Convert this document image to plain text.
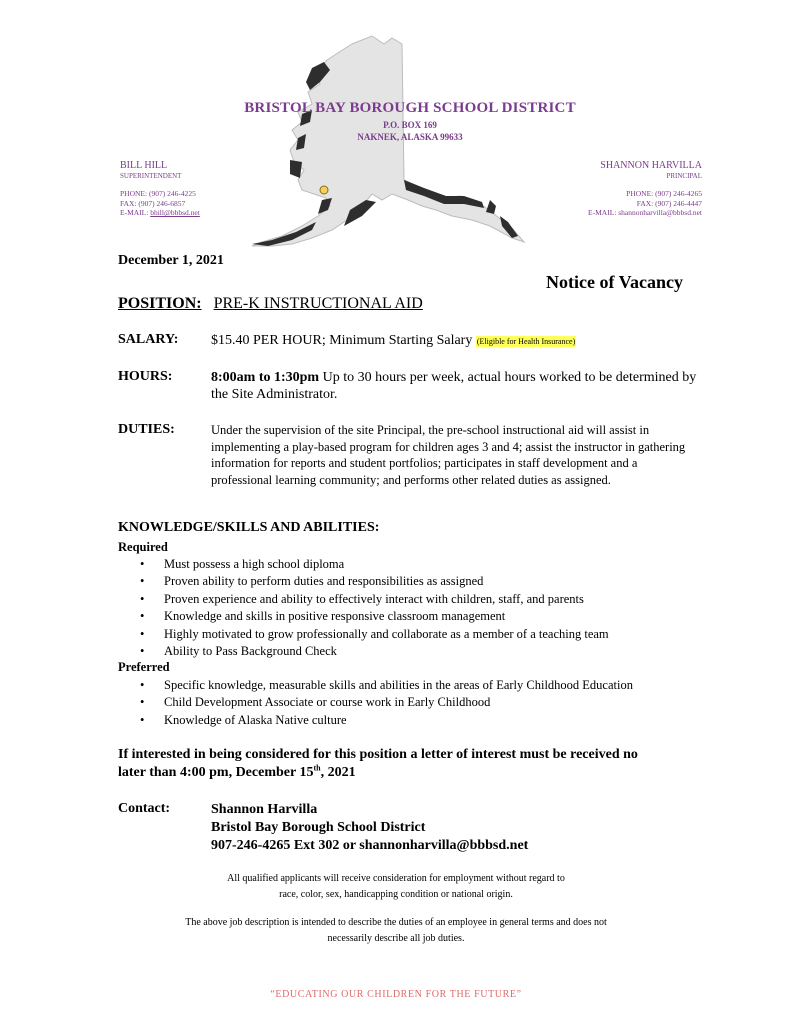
BRISTOL BAY BOROUGH SCHOOL DISTRICT
P.O. BOX 169
NAKNEK, ALASKA 99633
BILL HILL
SUPERINTENDENT
PHONE: (907) 246-4225
FAX: (907) 246-6857
E-MAIL: bhill@bbbsd.net
SHANNON HARVILLA
PRINCIPAL
PHONE: (907) 246-4265
FAX: (907) 246-4447
E-MAIL: shannonharvilla@bbbsd.net
December 1, 2021
Notice of Vacancy
POSITION: PRE-K INSTRUCTIONAL AID
SALARY: $15.40 PER HOUR; Minimum Starting Salary (Eligible for Health Insurance)
HOURS:	8:00am to 1:30pm Up to 30 hours per week, actual hours worked to be determined by the Site Administrator.
DUTIES:	Under the supervision of the site Principal, the pre-school instructional aid will assist in implementing a play-based program for children ages 3 and 4; assist the instructor in gathering information for reports and student portfolios; participates in staff development and a professional learning community; and performs other related duties as assigned.
KNOWLEDGE/SKILLS AND ABILITIES:
Required
• Must possess a high school diploma
• Proven ability to perform duties and responsibilities as assigned
• Proven experience and ability to effectively interact with children, staff, and parents
• Knowledge and skills in positive responsive classroom management
• Highly motivated to grow professionally and collaborate as a member of a teaching team
• Ability to Pass Background Check
Preferred
• Specific knowledge, measurable skills and abilities in the areas of Early Childhood Education
• Child Development Associate or course work in Early Childhood
• Knowledge of Alaska Native culture
If interested in being considered for this position a letter of interest must be received no
later than 4:00 pm, December 15th, 2021
Contact:	Shannon Harvilla
Bristol Bay Borough School District
907-246-4265 Ext 302 or shannonharvilla@bbbsd.net
All qualified applicants will receive consideration for employment without regard to
race, color, sex, handicapping condition or national origin.
The above job description is intended to describe the duties of an employee in general terms and does not
necessarily describe all job duties.
“EDUCATING OUR CHILDREN FOR THE FUTURE”
